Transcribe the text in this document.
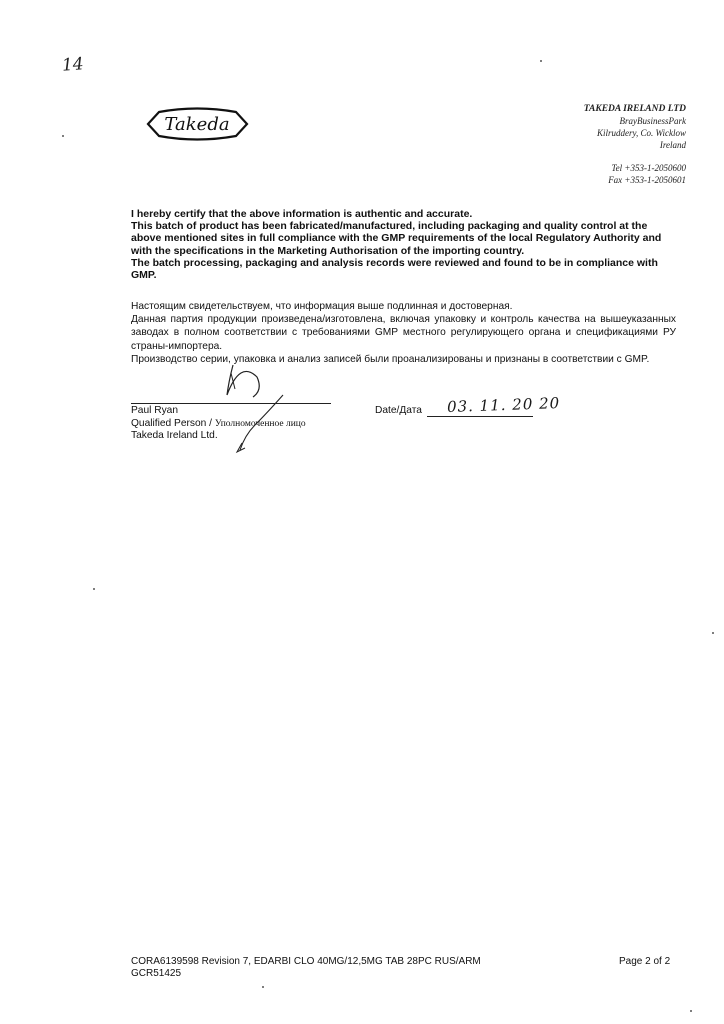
14
Takeda
TAKEDA IRELAND LTD
BrayBusinessPark
Kilruddery, Co. Wicklow
Ireland
Tel +353-1-2050600
Fax +353-1-2050601

I hereby certify that the above information is authentic and accurate.

This batch of product has been fabricated/manufactured, including packaging and quality control at the above mentioned sites in full compliance with the GMP requirements of the local Regulatory Authority and with the specifications in the Marketing Authorisation of the importing country.

The batch processing, packaging and analysis records were reviewed and found to be in compliance with GMP.

Настоящим свидетельствуем, что информация выше подлинная и достоверная.

Данная партия продукции произведена/изготовлена, включая упаковку и контроль качества на вышеуказанных заводах в полном соответствии с требованиями GMP местного регулирующего органа и спецификациями РУ страны-импортера.

Производство серии, упаковка и анализ записей были проанализированы и признаны в соответствии с GMP.

Paul Ryan
Qualified Person / Уполномоченное лицо
Takeda Ireland Ltd.
Date/Дата 03. 11. 20 20
CORA6139598 Revision 7, EDARBI CLO 40MG/12,5MG TAB 28PC RUS/ARM
GCR51425
Page 2 of 2
